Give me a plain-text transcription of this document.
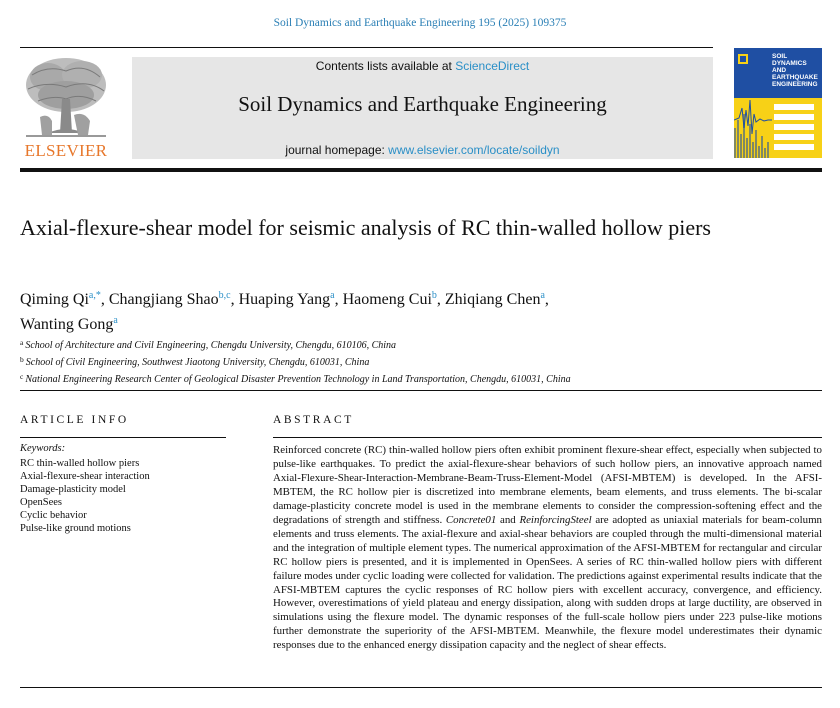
Soil Dynamics and Earthquake Engineering 195 (2025) 109375
ELSEVIER
Contents lists available at ScienceDirect
Soil Dynamics and Earthquake Engineering
journal homepage: www.elsevier.com/locate/soildyn
SOIL
DYNAMICS
AND
EARTHQUAKE
ENGINEERING
Axial-flexure-shear model for seismic analysis of RC thin-walled hollow piers
Qiming Qi$^{a,*}$, Changjiang Shao$^{b,c}$, Huaping Yang$^a$, Haomeng Cui$^b$, Zhiqiang Chen$^a$,
Wanting Gong$^a$
$^a$ School of Architecture and Civil Engineering, Chengdu University, Chengdu, 610106, China
$^b$ School of Civil Engineering, Southwest Jiaotong University, Chengdu, 610031, China
$^c$ National Engineering Research Center of Geological Disaster Prevention Technology in Land Transportation, Chengdu, 610031, China
ARTICLE INFO
Keywords:
RC thin-walled hollow piers
Axial-flexure-shear interaction
Damage-plasticity model
OpenSees
Cyclic behavior
Pulse-like ground motions
ABSTRACT
Reinforced concrete (RC) thin-walled hollow piers often exhibit prominent flexure-shear effect, especially when subjected to pulse-like earthquakes. To predict the axial-flexure-shear behaviors of such hollow piers, an innovative approach named Axial-Flexure-Shear-Interaction-Membrane-Beam-Truss-Element-Model (AFSI-MBTEM) is developed. In the AFSI-MBTEM, the RC hollow pier is discretized into membrane elements, beam elements, and truss elements. The bi-scalar damage-plasticity concrete model is used in the membrane elements to consider the compression-softening effect and the degradations of strength and stiffness. Concrete01 and ReinforcingSteel are adopted as uniaxial materials for beam-column elements and truss elements. The axial-flexure and axial-shear behaviors are coupled through the multi-dimensional material and the integration of multiple element types. The numerical approximation of the AFSI-MBTEM for rectangular and circular RC hollow piers is presented, and it is implemented in OpenSees. A series of RC thin-walled hollow piers with different failure modes under cyclic loading were collected for validation. The predictions against experimental results indicate that the AFSI-MBTEM captures the cyclic responses of RC hollow piers with excellent accuracy, convergence, and efficiency. However, overestimations of yield plateau and energy dissipation, along with sudden drops at large ductility, are observed in simulations using the flexure model. The dynamic responses of the full-scale hollow piers under 223 pulse-like motions further demonstrate the superiority of the AFSI-MBTEM. Meanwhile, the flexure model underestimates their dynamic responses due to the enhanced energy dissipation capacity and the neglect of shear effects.
